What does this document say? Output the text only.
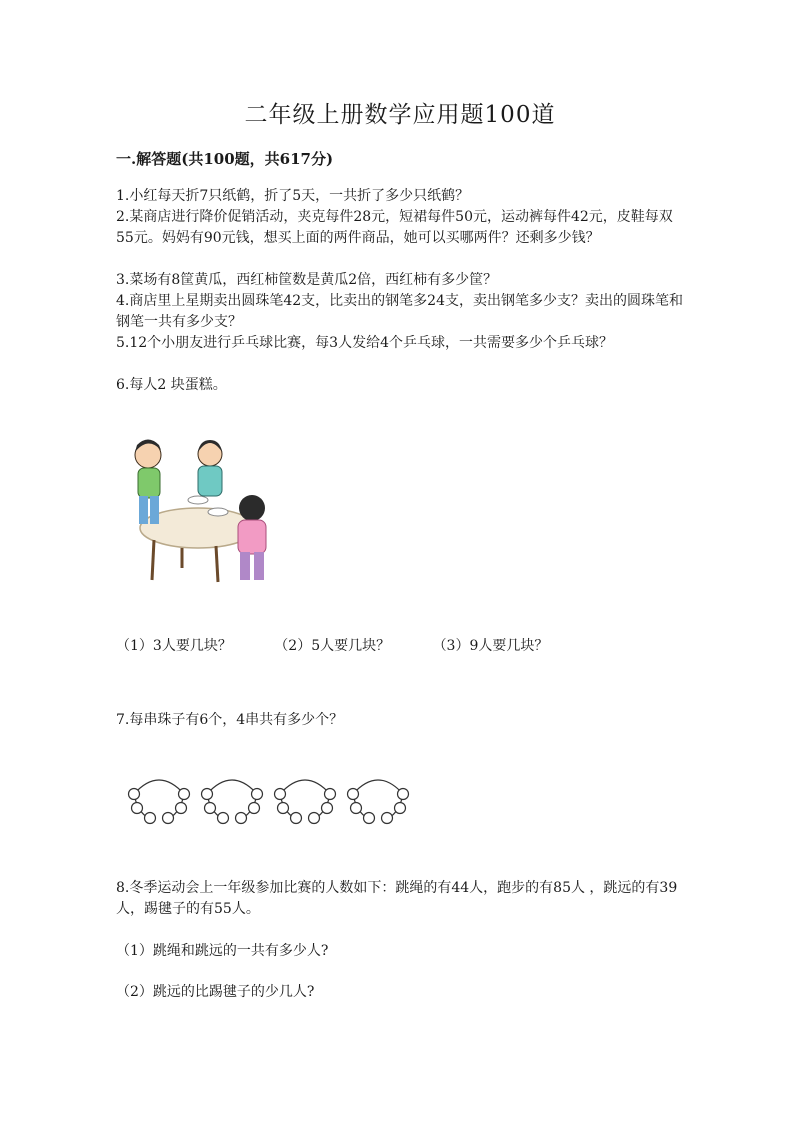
二年级上册数学应用题100道
一.解答题(共100题，共617分)
1.小红每天折7只纸鹤，折了5天，一共折了多少只纸鹤？
2.某商店进行降价促销活动，夹克每件28元，短裙每件50元，运动裤每件42元，皮鞋每双55元。妈妈有90元钱，想买上面的两件商品，她可以买哪两件？还剩多少钱？
3.菜场有8筐黄瓜，西红柿筐数是黄瓜2倍，西红柿有多少筐？
4.商店里上星期卖出圆珠笔42支，比卖出的钢笔多24支，卖出钢笔多少支？卖出的圆珠笔和钢笔一共有多少支？
5.12个小朋友进行乒乓球比赛，每3人发给4个乒乓球，一共需要多少个乒乓球？
6.每人2 块蛋糕。
（1）3人要几块？	（2）5人要几块？	（3）9人要几块？
7.每串珠子有6个，4串共有多少个？
8.冬季运动会上一年级参加比赛的人数如下：跳绳的有44人，跑步的有85人 ，跳远的有39人，踢毽子的有55人。
（1）跳绳和跳远的一共有多少人?
（2）跳远的比踢毽子的少几人?
